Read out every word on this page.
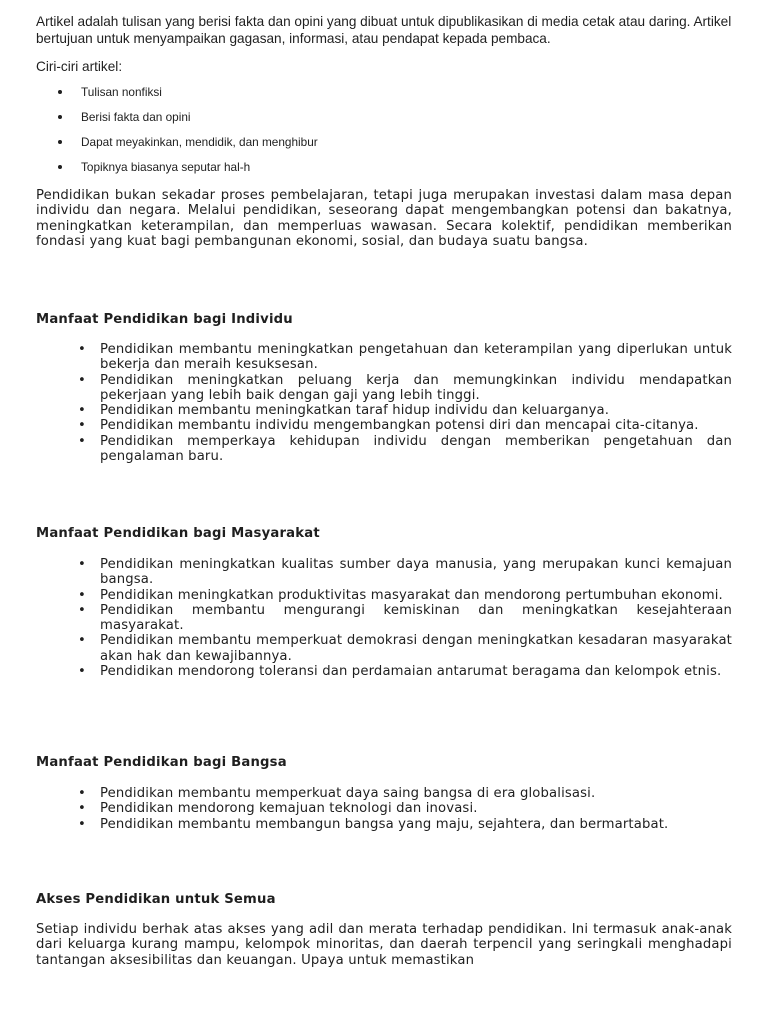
Artikel adalah tulisan yang berisi fakta dan opini yang dibuat untuk dipublikasikan di media cetak atau daring. Artikel bertujuan untuk menyampaikan gagasan, informasi, atau pendapat kepada pembaca.

Ciri-ciri artikel:

Tulisan nonfiksi
Berisi fakta dan opini
Dapat meyakinkan, mendidik, dan menghibur
Topiknya biasanya seputar hal-h

Pendidikan bukan sekadar proses pembelajaran, tetapi juga merupakan investasi dalam masa depan individu dan negara. Melalui pendidikan, seseorang dapat mengembangkan potensi dan bakatnya, meningkatkan keterampilan, dan memperluas wawasan. Secara kolektif, pendidikan memberikan fondasi yang kuat bagi pembangunan ekonomi, sosial, dan budaya suatu bangsa.

Manfaat Pendidikan bagi Individu
• Pendidikan membantu meningkatkan pengetahuan dan keterampilan yang diperlukan untuk bekerja dan meraih kesuksesan.
• Pendidikan meningkatkan peluang kerja dan memungkinkan individu mendapatkan pekerjaan yang lebih baik dengan gaji yang lebih tinggi.
• Pendidikan membantu meningkatkan taraf hidup individu dan keluarganya.
• Pendidikan membantu individu mengembangkan potensi diri dan mencapai cita-citanya.
• Pendidikan memperkaya kehidupan individu dengan memberikan pengetahuan dan pengalaman baru.
Manfaat Pendidikan bagi Masyarakat
• Pendidikan meningkatkan kualitas sumber daya manusia, yang merupakan kunci kemajuan bangsa.
• Pendidikan meningkatkan produktivitas masyarakat dan mendorong pertumbuhan ekonomi.
• Pendidikan membantu mengurangi kemiskinan dan meningkatkan kesejahteraan masyarakat.
• Pendidikan membantu memperkuat demokrasi dengan meningkatkan kesadaran masyarakat akan hak dan kewajibannya.
• Pendidikan mendorong toleransi dan perdamaian antarumat beragama dan kelompok etnis.
Manfaat Pendidikan bagi Bangsa
• Pendidikan membantu memperkuat daya saing bangsa di era globalisasi.
• Pendidikan mendorong kemajuan teknologi dan inovasi.
• Pendidikan membantu membangun bangsa yang maju, sejahtera, dan bermartabat.
Akses Pendidikan untuk Semua

Setiap individu berhak atas akses yang adil dan merata terhadap pendidikan. Ini termasuk anak-anak dari keluarga kurang mampu, kelompok minoritas, dan daerah terpencil yang seringkali menghadapi tantangan aksesibilitas dan keuangan. Upaya untuk memastikan
